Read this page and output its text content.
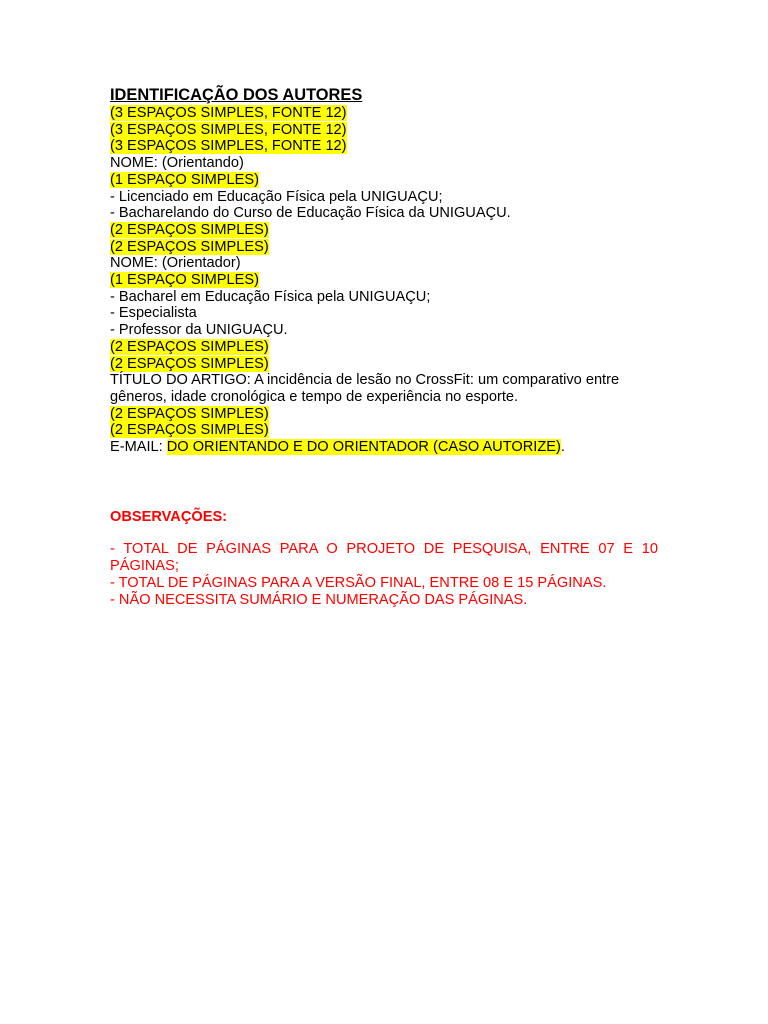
IDENTIFICAÇÃO DOS AUTORES
(3 ESPAÇOS SIMPLES, FONTE 12)
(3 ESPAÇOS SIMPLES, FONTE 12)
(3 ESPAÇOS SIMPLES, FONTE 12)
NOME: (Orientando)
(1 ESPAÇO SIMPLES)
- Licenciado em Educação Física pela UNIGUAÇU;
- Bacharelando do Curso de Educação Física da UNIGUAÇU.
(2 ESPAÇOS SIMPLES)
(2 ESPAÇOS SIMPLES)
NOME: (Orientador)
(1 ESPAÇO SIMPLES)
- Bacharel em Educação Física pela UNIGUAÇU;
- Especialista
- Professor da UNIGUAÇU.
(2 ESPAÇOS SIMPLES)
(2 ESPAÇOS SIMPLES)
TÍTULO DO ARTIGO: A incidência de lesão no CrossFit: um comparativo entre gêneros, idade cronológica e tempo de experiência no esporte.
(2 ESPAÇOS SIMPLES)
(2 ESPAÇOS SIMPLES)
E-MAIL: DO ORIENTANDO E DO ORIENTADOR (CASO AUTORIZE).
OBSERVAÇÕES:
- TOTAL DE PÁGINAS PARA O PROJETO DE PESQUISA, ENTRE 07 E 10 PÁGINAS;
- TOTAL DE PÁGINAS PARA A VERSÃO FINAL, ENTRE 08 E 15 PÁGINAS.
- NÃO NECESSITA SUMÁRIO E NUMERAÇÃO DAS PÁGINAS.
